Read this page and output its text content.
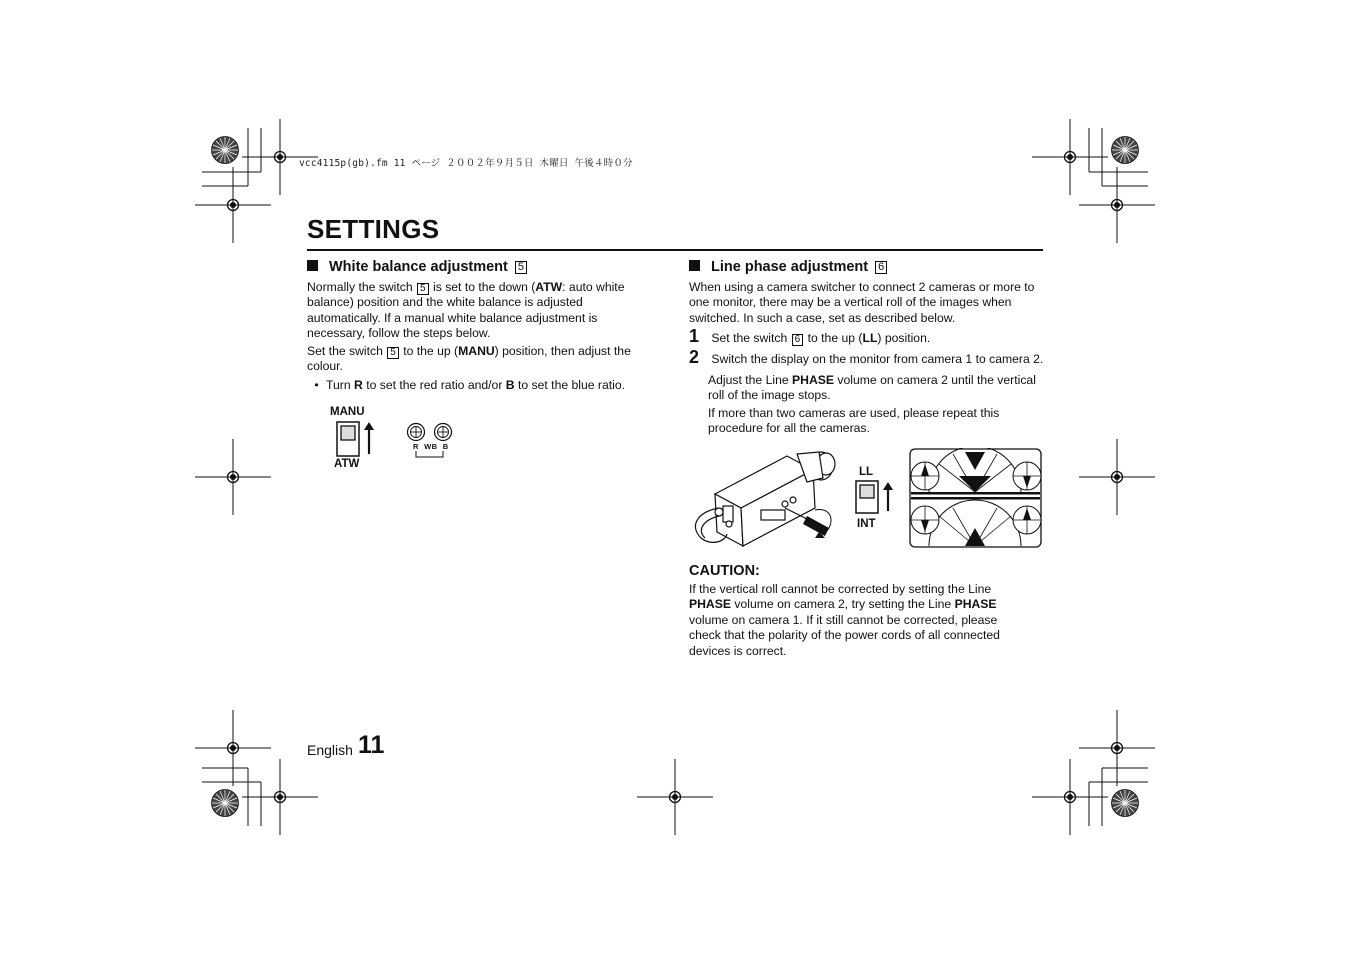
vcc4115p(gb).fm 11 ページ ２００２年９月５日 木曜日 午後４時０分
SETTINGS
White balance adjustment 5

Normally the switch 5 is set to the down (ATW: auto white balance) position and the white balance is adjusted automatically. If a manual white balance adjustment is necessary, follow the steps below.

Set the switch 5 to the up (MANU) position, then adjust the colour.

• Turn R to set the red ratio and/or B to set the blue ratio.

MANU
ATW
R WB B
Line phase adjustment 6

When using a camera switcher to connect 2 cameras or more to one monitor, there may be a vertical roll of the images when switched. In such a case, set as described below.

1 Set the switch 6 to the up (LL) position.
2 Switch the display on the monitor from camera 1 to camera 2.

Adjust the Line PHASE volume on camera 2 until the vertical roll of the image stops.

If more than two cameras are used, please repeat this procedure for all the cameras.

LL
INT
CAUTION:

If the vertical roll cannot be corrected by setting the Line PHASE volume on camera 2, try setting the Line PHASE volume on camera 1. If it still cannot be corrected, please check that the polarity of the power cords of all connected devices is correct.

English 11
